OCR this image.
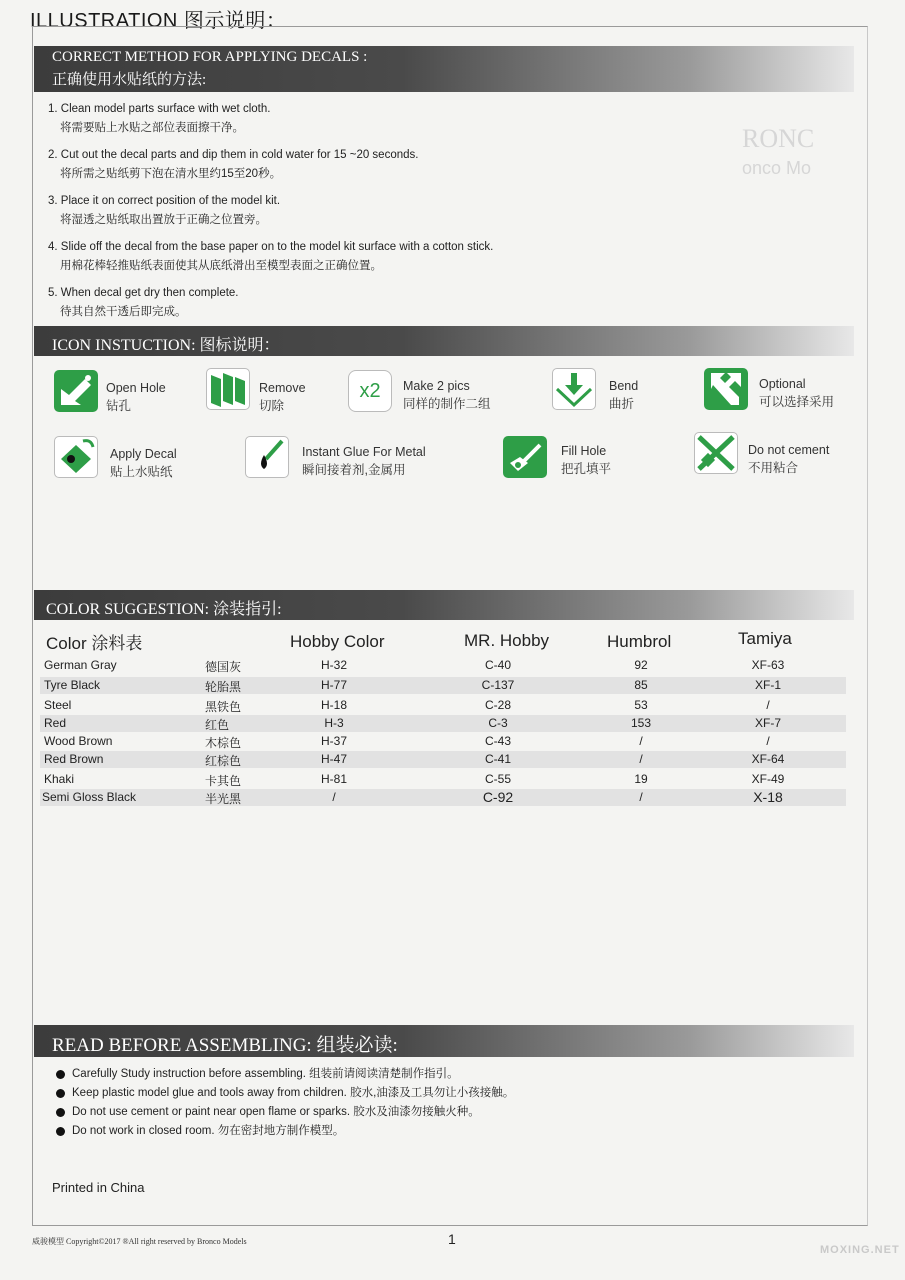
ILLUSTRATION 图示说明：
RONC
onco Mo
CORRECT METHOD FOR APPLYING DECALS :
正确使用水贴纸的方法:
1. Clean model parts surface with wet cloth.
将需要贴上水贴之部位表面擦干净。
2. Cut out the decal parts and dip them in cold water for 15 ~20 seconds.
将所需之贴纸剪下泡在清水里约15至20秒。
3. Place it on correct position of the model kit.
将湿透之贴纸取出置放于正确之位置旁。
4. Slide off the decal from the base paper on to the model kit surface with a cotton stick.
用棉花棒轻推贴纸表面使其从底纸滑出至模型表面之正确位置。
5. When decal get dry then complete.
待其自然干透后即完成。
ICON INSTUCTION: 图标说明：
Open Hole
钻孔
Remove
切除
x2 Make 2 pics
同样的制作二组
Bend
曲折
Optional
可以选择采用
Apply Decal
贴上水贴纸
Instant Glue For Metal
瞬间接着剂,金属用
Fill Hole
把孔填平
Do not cement
不用粘合
COLOR SUGGESTION: 涂装指引:
Color 涂料表	Hobby Color	MR. Hobby	Humbrol	Tamiya
German Gray	德国灰	H-32	C-40	92	XF-63
Tyre Black	轮胎黑	H-77	C-137	85	XF-1
Steel	黑铁色	H-18	C-28	53	/
Red	红色	H-3	C-3	153	XF-7
Wood Brown	木棕色	H-37	C-43	/	/
Red Brown	红棕色	H-47	C-41	/	XF-64
Khaki	卡其色	H-81	C-55	19	XF-49
Semi Gloss Black	半光黑	/	C-92	/	X-18
READ BEFORE ASSEMBLING: 组装必读:
Carefully Study instruction before assembling. 组装前请阅读清楚制作指引。
Keep plastic model glue and tools away from children. 胶水,油漆及工具勿让小孩接触。
Do not use cement or paint near open flame or sparks. 胶水及油漆勿接触火种。
Do not work in closed room. 勿在密封地方制作模型。
Printed in China
威骏模型 Copyright©2017 ®All right reserved by Bronco Models	1
MOXING.NET
